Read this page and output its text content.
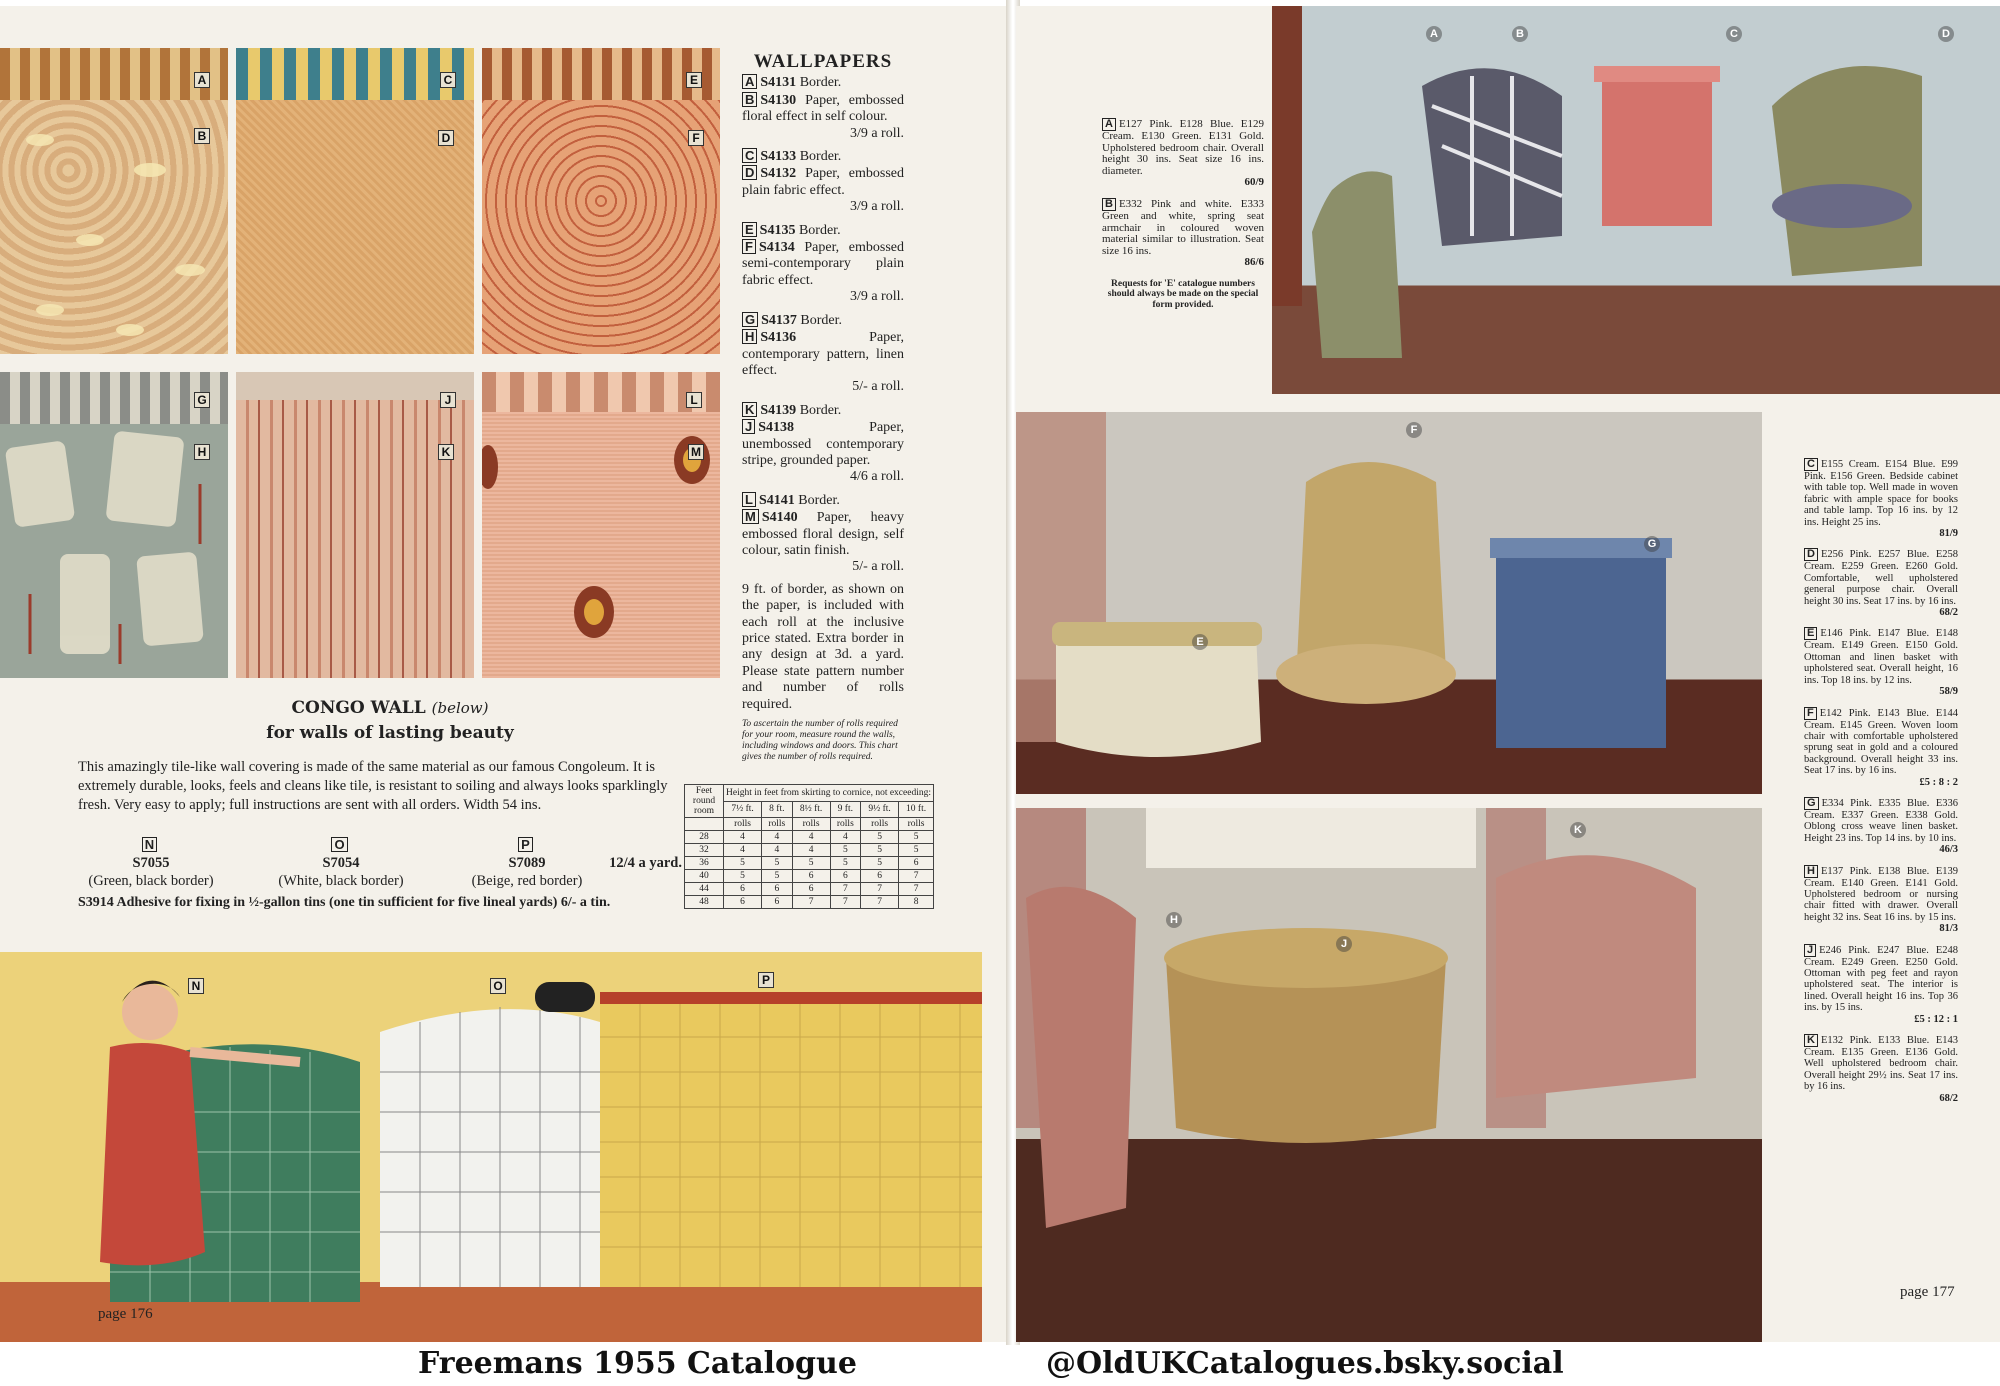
A
B
C
D
E
F
G
H
J
K
L
M
WALLPAPERS
A S4131 Border.
B S4130 Paper, embossed floral effect in self colour.
3/9 a roll.
C S4133 Border.
D S4132 Paper, embossed plain fabric effect.
3/9 a roll.
E S4135 Border.
F S4134 Paper, embossed semi-contemporary plain fabric effect.
3/9 a roll.
G S4137 Border.
H S4136	Paper, contemporary pattern, linen effect.
5/- a roll.
K S4139 Border.
J S4138	Paper, unembossed contemporary stripe, grounded paper.
4/6 a roll.
L S4141 Border.
M S4140 Paper, heavy embossed floral design, self colour, satin finish.
5/- a roll.
9 ft. of border, as shown on the paper, is included with each roll at the inclusive price stated. Extra border in any design at 3d. a yard. Please state pattern number and number of rolls required.
To ascertain the number of rolls required for your room, measure round the walls, including windows and doors. This chart gives the number of rolls required.
CONGO WALL (below)
for walls of lasting beauty
This amazingly tile-like wall covering is made of the same material as our famous Congoleum. It is extremely durable, looks, feels and cleans like tile, is resistant to soiling and always looks sparklingly fresh. Very easy to apply; full instructions are sent with all orders. Width 54 ins.
N
S7055
(Green, black border)
O
S7054
(White, black border)
P
S7089
(Beige, red border)
12/4 a yard.
S3914 Adhesive for fixing in ½-gallon tins (one tin sufficient for five lineal yards) 6/- a tin.
Feet round room	Height in feet from skirting to cornice, not exceeding:					
	7½ ft.	8 ft.	8½ ft.	9 ft.	9½ ft.	10 ft.
	rolls	rolls	rolls	rolls	rolls	rolls
28	4	4	4	4	5	5
32	4	4	4	5	5	5
36	5	5	5	5	5	6
40	5	5	6	6	6	7
44	6	6	6	7	7	7
48	6	6	7	7	7	8
N	O	P
page 176
A	B	C	D
A E127 Pink. E128 Blue. E129 Cream. E130 Green. E131 Gold. Upholstered bedroom chair. Overall height 30 ins. Seat size 16 ins. diameter.
60/9
B E332 Pink and white. E333 Green and white, spring seat armchair in coloured woven material similar to illustration. Seat size 16 ins.
86/6
Requests for 'E' catalogue numbers should always be made on the special form provided.
E
F
G
H
J
K
C E155 Cream. E154 Blue. E99 Pink. E156 Green. Bedside cabinet with table top. Well made in woven fabric with ample space for books and table lamp. Top 16 ins. by 12 ins. Height 25 ins.
81/9
D E256 Pink. E257 Blue. E258 Cream. E259 Green. E260 Gold. Comfortable, well upholstered general purpose chair. Overall height 30 ins. Seat 17 ins. by 16 ins.
68/2
E E146 Pink. E147 Blue. E148 Cream. E149 Green. E150 Gold. Ottoman and linen basket with upholstered seat. Overall height, 16 ins. Top 18 ins. by 12 ins.
58/9
F E142 Pink. E143 Blue. E144 Cream. E145 Green. Woven loom chair with comfortable upholstered sprung seat in gold and a coloured background. Overall height 33 ins. Seat 17 ins. by 16 ins.
£5 : 8 : 2
G E334 Pink. E335 Blue. E336 Cream. E337 Green. E338 Gold. Oblong cross weave linen basket. Height 23 ins. Top 14 ins. by 10 ins.
46/3
H E137 Pink. E138 Blue. E139 Cream. E140 Green. E141 Gold. Upholstered bedroom or nursing chair fitted with drawer. Overall height 32 ins. Seat 16 ins. by 15 ins.
81/3
J E246 Pink. E247 Blue. E248 Cream. E249 Green. E250 Gold. Ottoman with peg feet and rayon upholstered seat. The interior is lined. Overall height 16 ins. Top 36 ins. by 15 ins.
£5 : 12 : 1
K E132 Pink. E133 Blue. E143 Cream. E135 Green. E136 Gold. Well upholstered bedroom chair. Overall height 29½ ins. Seat 17 ins. by 16 ins.
68/2
page 177
Freemans 1955 Catalogue	@OldUKCatalogues.bsky.social
